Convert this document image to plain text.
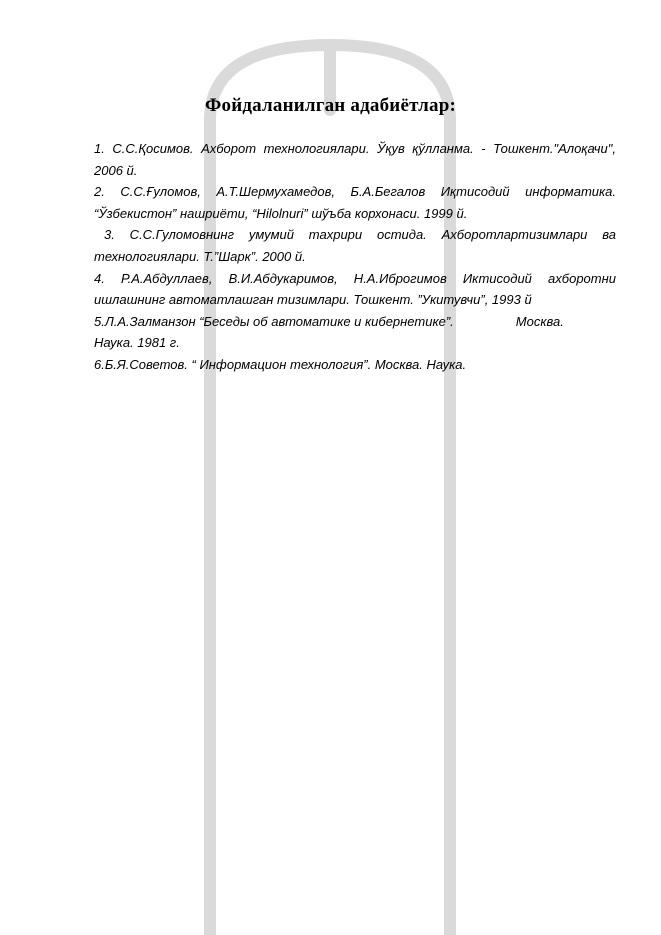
Фойдаланилган адабиётлар:

1. С.С.Қосимов. Ахборот технологиялари. Ўқув қўлланма. - Тошкент."Алоқачи", 2006 й.

2. С.С.Ғуломов, А.Т.Шермухамедов, Б.А.Бегалов Иқтисодий информатика. “Ўзбекистон” нашриёти, “Hilolnuri” шўъба корхонаси. 1999 й.

3. С.С.Гуломовнинг умумий тахрири остида. Ахборотлартизимлари ва технологиялари. Т.”Шарк”. 2000 й.

4. Р.А.Абдуллаев, В.И.Абдукаримов, Н.А.Иброгимов Иктисодий ахборотни ишлашнинг автоматлашган тизимлари. Тошкент. ”Укитувчи”, 1993 й

5.Л.А.Залманзон “Беседы об автоматике и кибернетике”.	Москва.
Наука. 1981 г.

6.Б.Я.Советов. “ Информацион технология”. Москва. Наука.
